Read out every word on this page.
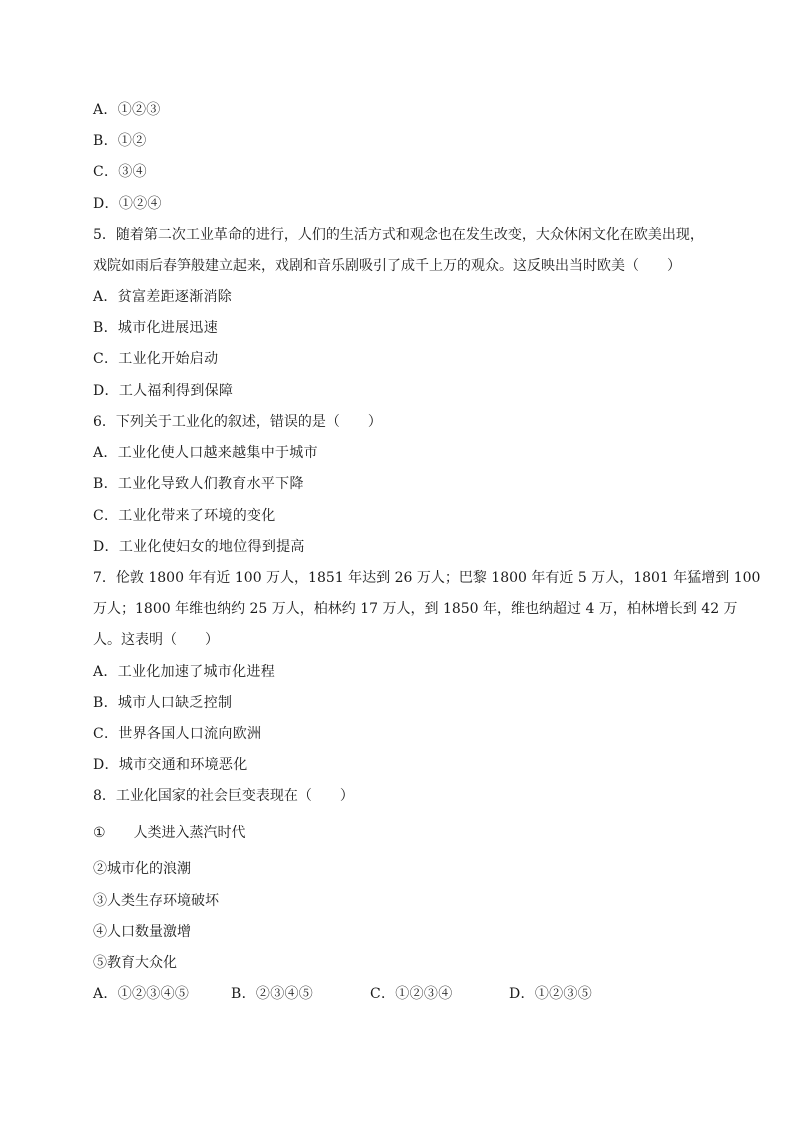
A．①②③
B．①②
C．③④
D．①②④
5．随着第二次工业革命的进行，人们的生活方式和观念也在发生改变，大众休闲文化在欧美出现，
戏院如雨后春笋般建立起来，戏剧和音乐剧吸引了成千上万的观众。这反映出当时欧美（　　）
A．贫富差距逐渐消除
B．城市化进展迅速
C．工业化开始启动
D．工人福利得到保障
6．下列关于工业化的叙述，错误的是（　　）
A．工业化使人口越来越集中于城市
B．工业化导致人们教育水平下降
C．工业化带来了环境的变化
D．工业化使妇女的地位得到提高
7．伦敦 1800 年有近 100 万人，1851 年达到 26 万人；巴黎 1800 年有近 5 万人，1801 年猛增到 100
万人；1800 年维也纳约 25 万人，柏林约 17 万人，到 1850 年，维也纳超过 4 万，柏林增长到 42 万
人。这表明（　　）
A．工业化加速了城市化进程
B．城市人口缺乏控制
C．世界各国人口流向欧洲
D．城市交通和环境恶化
8．工业化国家的社会巨变表现在（　　）
① 人类进入蒸汽时代
②城市化的浪潮
③人类生存环境破坏
④人口数量激增
⑤教育大众化
A．①②③④⑤	B．②③④⑤	C．①②③④	D．①②③⑤
